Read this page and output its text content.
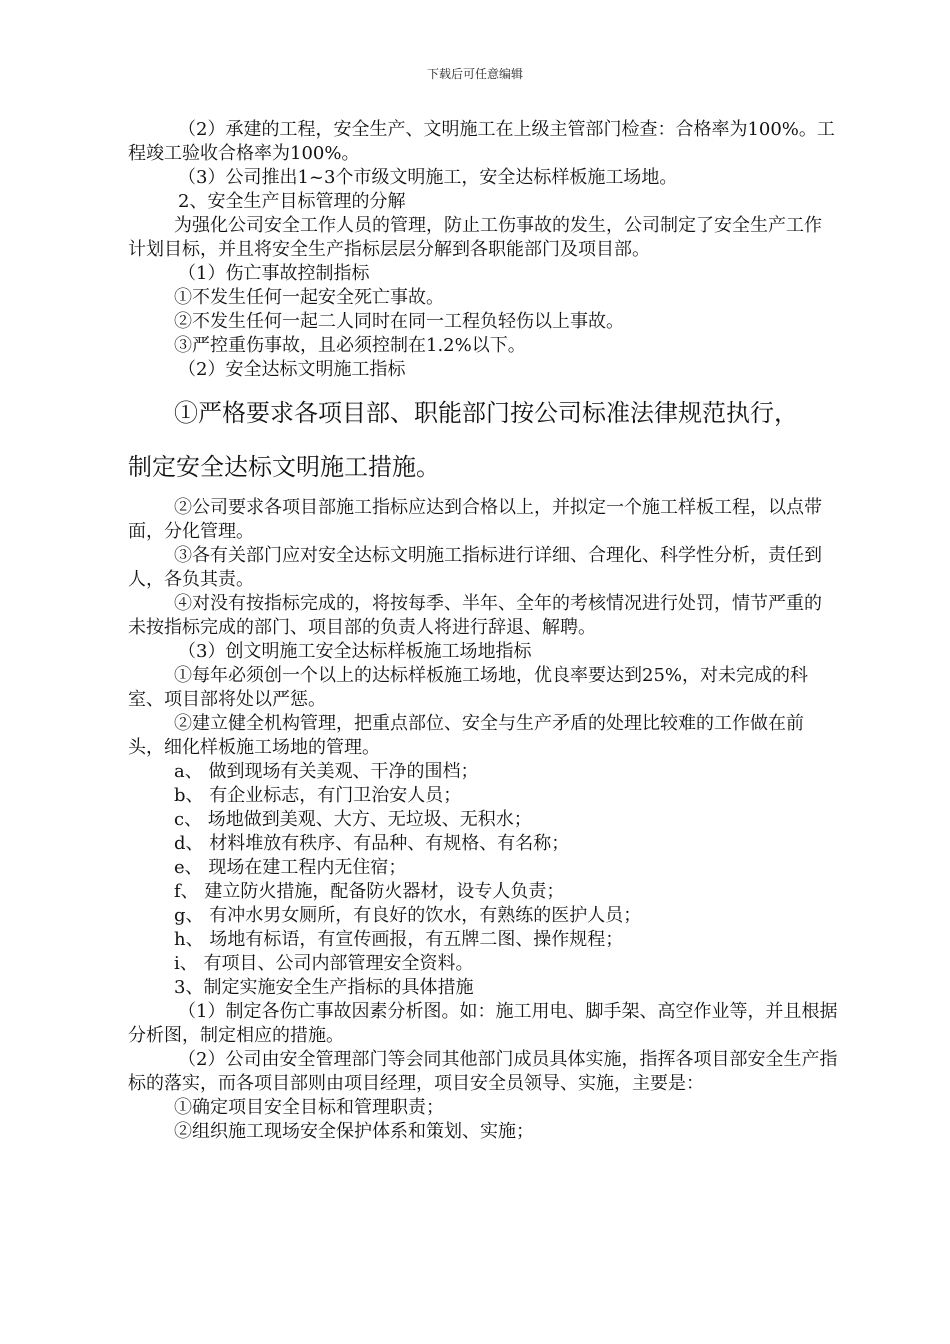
下载后可任意编辑

（2）承建的工程，安全生产、文明施工在上级主管部门检查：合格率为100%。工程竣工验收合格率为100%。

（3）公司推出1~3个市级文明施工，安全达标样板施工场地。

2、安全生产目标管理的分解

为强化公司安全工作人员的管理，防止工伤事故的发生，公司制定了安全生产工作计划目标，并且将安全生产指标层层分解到各职能部门及项目部。

（1）伤亡事故控制指标

①不发生任何一起安全死亡事故。

②不发生任何一起二人同时在同一工程负轻伤以上事故。

③严控重伤事故，且必须控制在1.2%以下。

（2）安全达标文明施工指标

①严格要求各项目部、职能部门按公司标准法律规范执行，

制定安全达标文明施工措施。

②公司要求各项目部施工指标应达到合格以上，并拟定一个施工样板工程，以点带面，分化管理。

③各有关部门应对安全达标文明施工指标进行详细、合理化、科学性分析，责任到人，各负其责。

④对没有按指标完成的，将按每季、半年、全年的考核情况进行处罚，情节严重的未按指标完成的部门、项目部的负责人将进行辞退、解聘。

（3）创文明施工安全达标样板施工场地指标

①每年必须创一个以上的达标样板施工场地，优良率要达到25%，对未完成的科室、项目部将处以严惩。

②建立健全机构管理，把重点部位、安全与生产矛盾的处理比较难的工作做在前头，细化样板施工场地的管理。

a、 做到现场有关美观、干净的围档；

b、 有企业标志，有门卫治安人员；

c、 场地做到美观、大方、无垃圾、无积水；

d、 材料堆放有秩序、有品种、有规格、有名称；

e、 现场在建工程内无住宿；

f、 建立防火措施，配备防火器材，设专人负责；

g、 有冲水男女厕所，有良好的饮水，有熟练的医护人员；

h、 场地有标语，有宣传画报，有五牌二图、操作规程；

i、 有项目、公司内部管理安全资料。

3、制定实施安全生产指标的具体措施

（1）制定各伤亡事故因素分析图。如：施工用电、脚手架、高空作业等，并且根据分析图，制定相应的措施。

（2）公司由安全管理部门等会同其他部门成员具体实施，指挥各项目部安全生产指标的落实，而各项目部则由项目经理，项目安全员领导、实施，主要是：

①确定项目安全目标和管理职责；

②组织施工现场安全保护体系和策划、实施；
